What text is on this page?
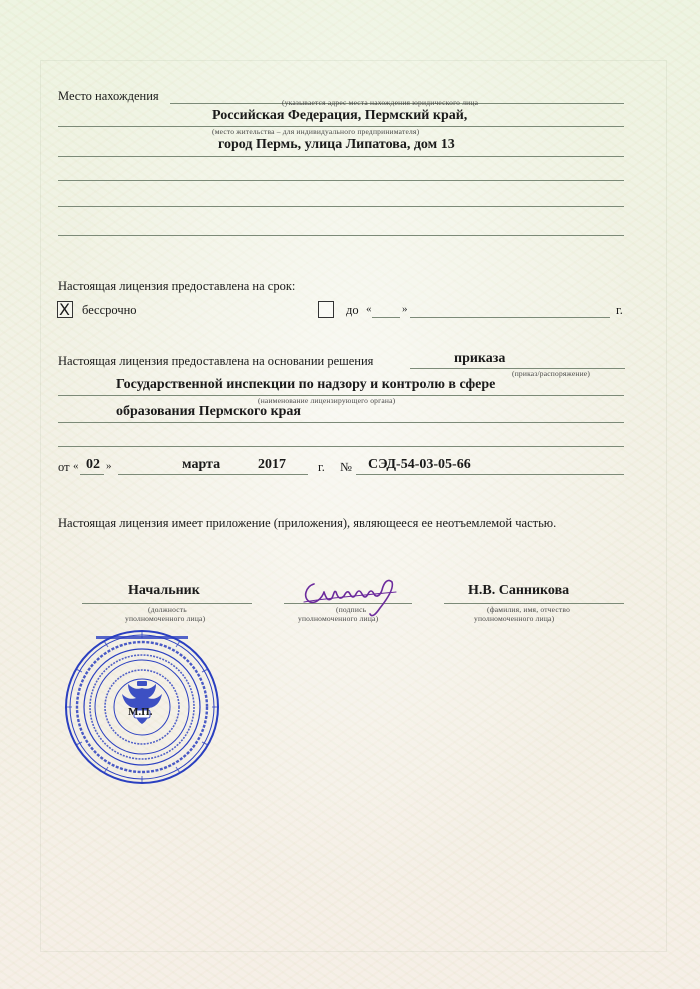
Место нахождения	(указывается адрес места нахождения юридического лица
Российская Федерация, Пермский край,
(место жительства – для индивидуального предпринимателя)
город Пермь, улица Липатова, дом 13
Настоящая лицензия предоставлена на срок:
X бессрочно	до «	»	г.
Настоящая лицензия предоставлена на основании решения	приказа
(приказ/распоряжение)
Государственной инспекции по надзору и контролю в сфере
(наименование лицензирующего органа)
образования Пермского края
от « 02 »	марта	2017	г. № СЭД-54-03-05-66
Настоящая лицензия имеет приложение (приложения), являющееся ее неотъемлемой частью.
Начальник
(должность
уполномоченного лица)
(подпись
уполномоченного лица)
Н.В. Санникова
(фамилия, имя, отчество
уполномоченного лица)
М.П.
